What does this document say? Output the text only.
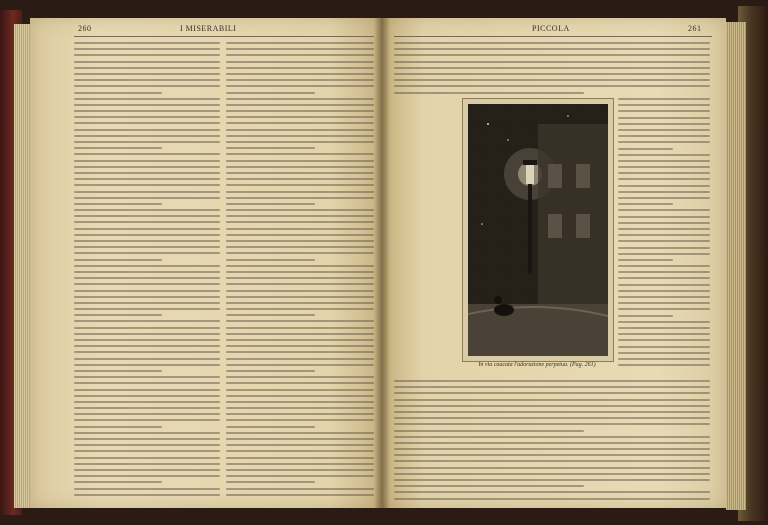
260	I MISERABILI	PICCOLA	261
In via caucata l'adorazione perpetua. (Pag. 261)
